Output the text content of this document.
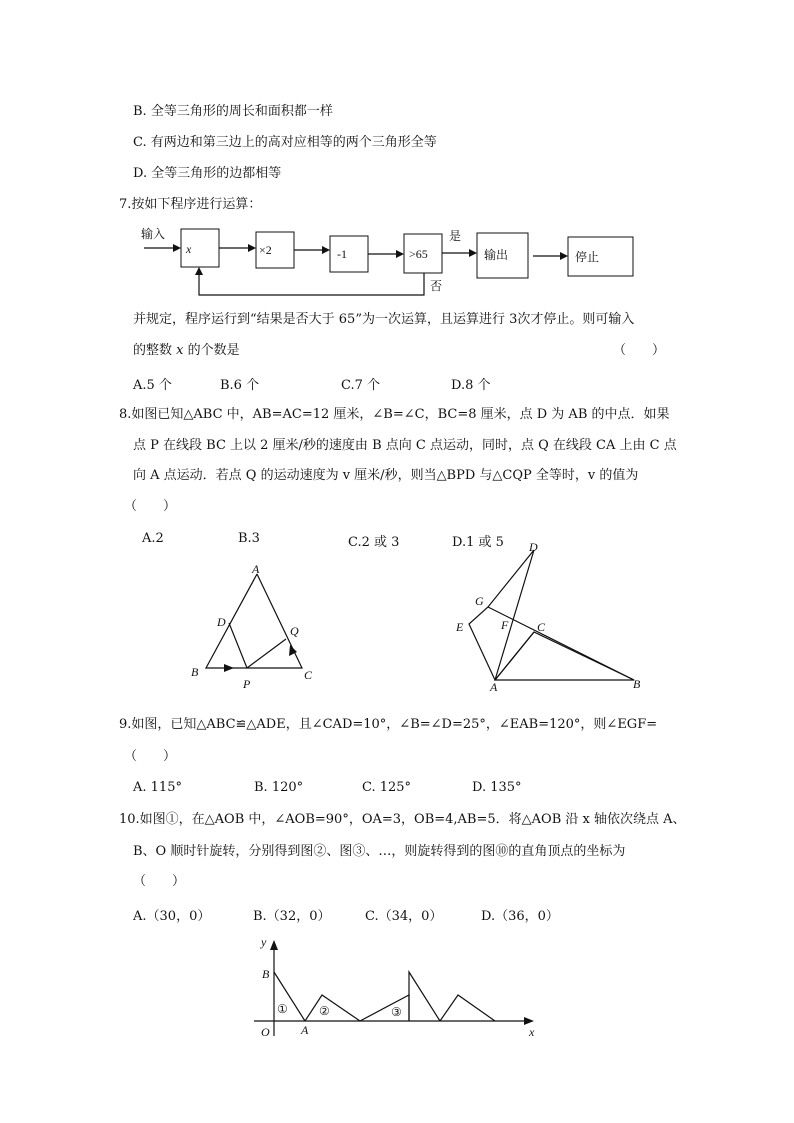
B. 全等三角形的周长和面积都一样
C. 有两边和第三边上的高对应相等的两个三角形全等
D. 全等三角形的边都相等
7.按如下程序进行运算：
输入
x	×2	-1	>65
是
输出	停止
否
并规定，程序运行到“结果是否大于 65”为一次运算，且运算进行 3次才停止。则可输入
的整数 x 的个数是	（　　）
A.5 个	B.6 个	C.7 个	D.8 个
8.如图已知△ABC 中，AB=AC=12 厘米，∠B=∠C，BC=8 厘米，点 D 为 AB 的中点．如果
点 P 在线段 BC 上以 2 厘米/秒的速度由 B 点向 C 点运动，同时，点 Q 在线段 CA 上由 C 点
向 A 点运动．若点 Q 的运动速度为 v 厘米/秒，则当△BPD 与△CQP 全等时，v 的值为
（　　）
A.2	B.3	C.2 或 3	D.1 或 5
A
D
Q
B
P
C
D
G
E	F C
A	B
9.如图，已知△ABC≌△ADE，且∠CAD=10°，∠B=∠D=25°，∠EAB=120°，则∠EGF=
（　　）
A. 115°	B. 120°	C. 125°	D. 135°
10.如图①，在△AOB 中，∠AOB=90°，OA=3，OB=4,AB=5．将△AOB 沿 x 轴依次绕点 A、
B、O 顺时针旋转，分别得到图②、图③、…，则旋转得到的图⑩的直角顶点的坐标为
（　　）
A.（30，0）	B.（32，0）	C.（34，0）	D.（36，0）
y
x
B
O	A
①	②	③
